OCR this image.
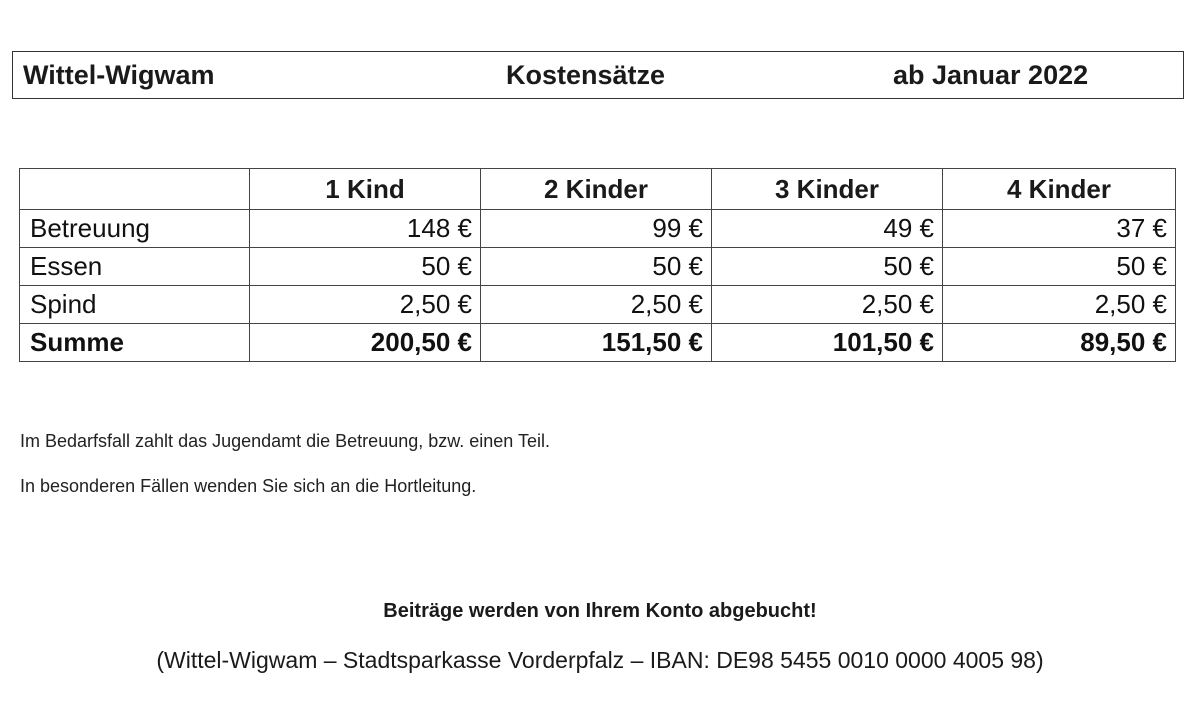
Wittel-Wigwam	Kostensätze	ab Januar 2022
	1 Kind	2 Kinder	3 Kinder	4 Kinder
Betreuung	148 €	99 €	49 €	37 €
Essen	50 €	50 €	50 €	50 €
Spind	2,50 €	2,50 €	2,50 €	2,50 €
Summe	200,50 €	151,50 €	101,50 €	89,50 €
Im Bedarfsfall zahlt das Jugendamt die Betreuung, bzw. einen Teil.
In besonderen Fällen wenden Sie sich an die Hortleitung.
Beiträge werden von Ihrem Konto abgebucht!
(Wittel-Wigwam – Stadtsparkasse Vorderpfalz – IBAN: DE98 5455 0010 0000 4005 98)
